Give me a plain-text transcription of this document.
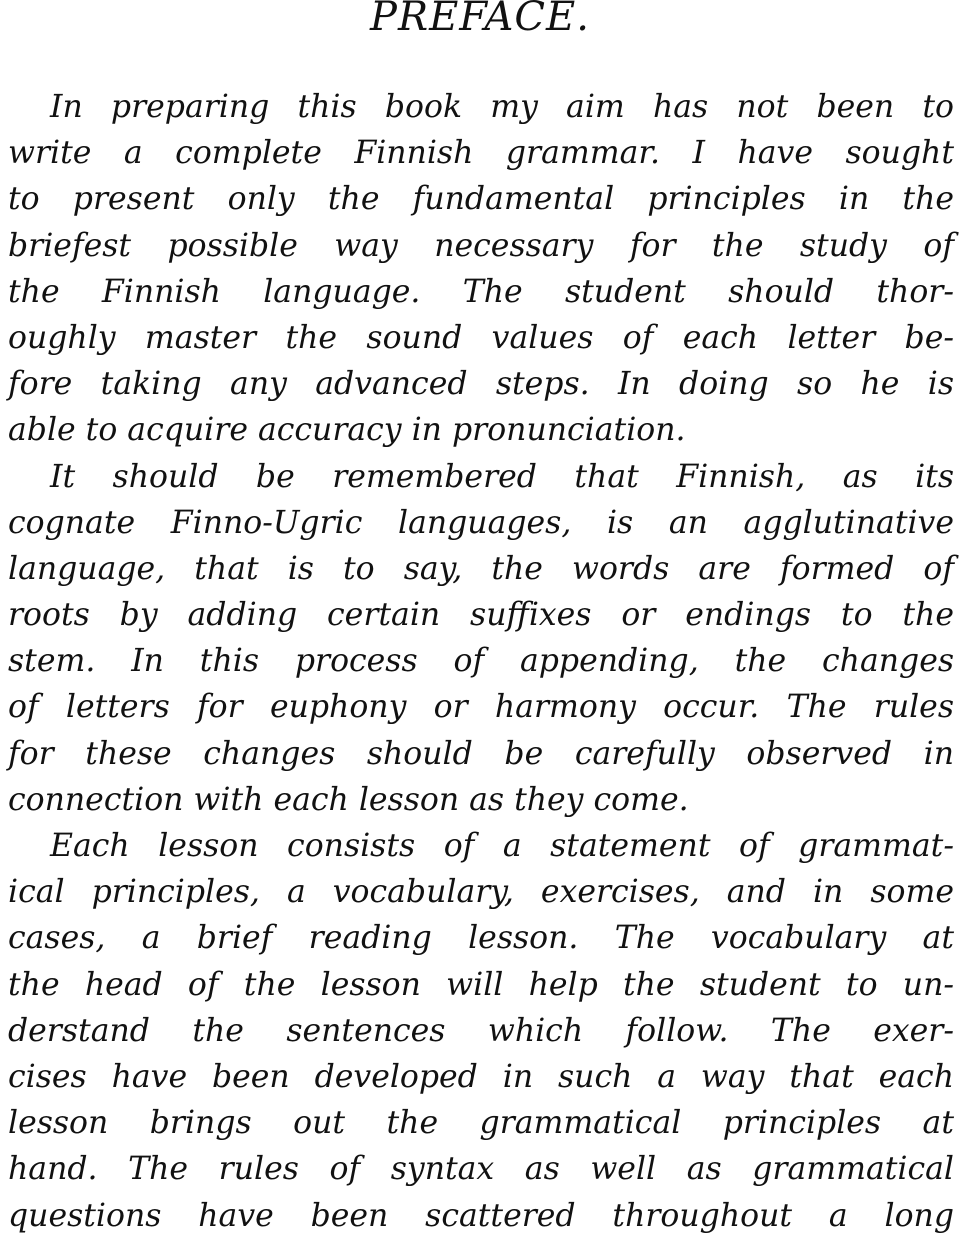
PREFACE.
In preparing this book my aim has not been to
write a complete Finnish grammar. I have sought
to present only the fundamental principles in the
briefest possible way necessary for the study of
the Finnish language. The student should thor-
oughly master the sound values of each letter be-
fore taking any advanced steps. In doing so he is
able to acquire accuracy in pronunciation.
It should be remembered that Finnish, as its
cognate Finno-Ugric languages, is an agglutinative
language, that is to say, the words are formed of
roots by adding certain suffixes or endings to the
stem. In this process of appending, the changes
of letters for euphony or harmony occur. The rules
for these changes should be carefully observed in
connection with each lesson as they come.
Each lesson consists of a statement of grammat-
ical principles, a vocabulary, exercises, and in some
cases, a brief reading lesson. The vocabulary at
the head of the lesson will help the student to un-
derstand the sentences which follow. The exer-
cises have been developed in such a way that each
lesson brings out the grammatical principles at
hand. The rules of syntax as well as grammatical
questions have been scattered throughout a long
